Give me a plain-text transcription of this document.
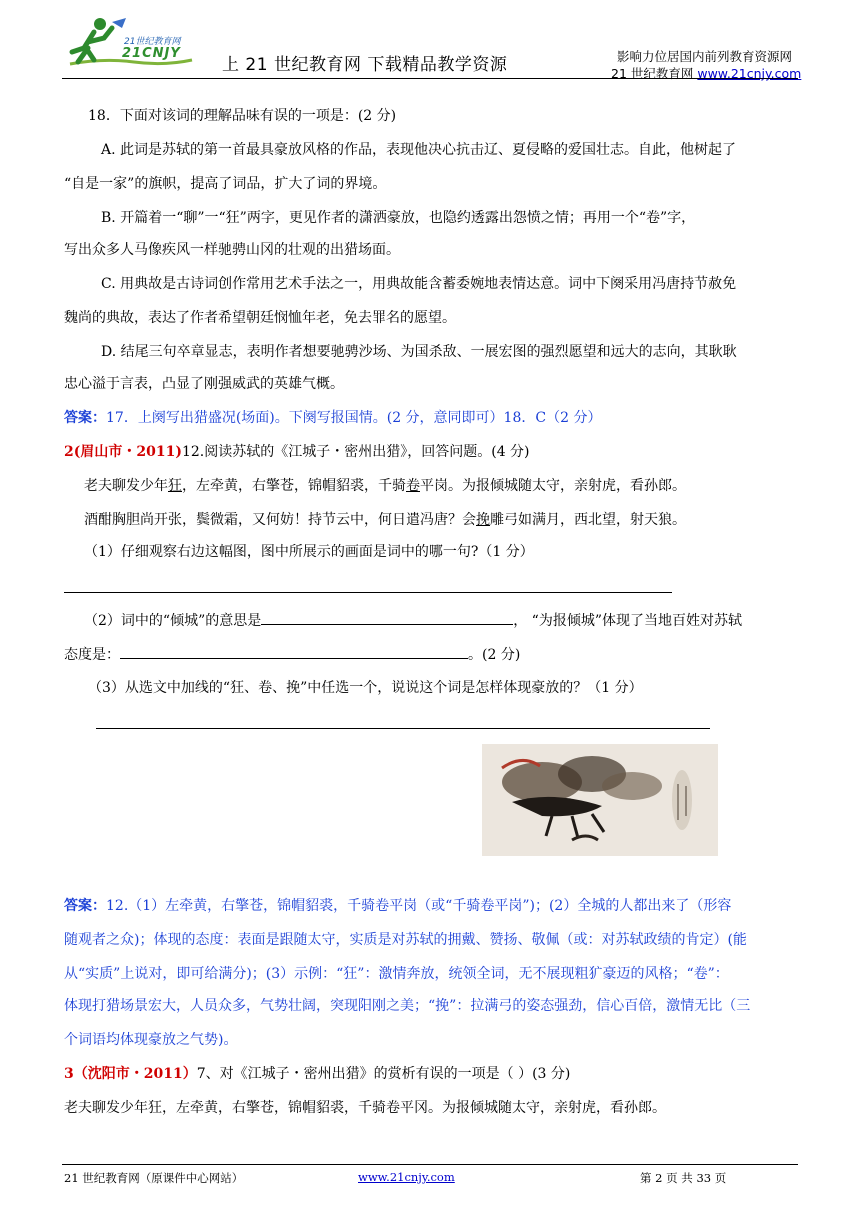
21世纪教育网
21CNJY
上 21 世纪教育网 下载精品教学资源	影响力位居国内前列教育资源网
21 世纪教育网 www.21cnjy.com
18．下面对该词的理解品味有误的一项是：(2 分)
A. 此词是苏轼的第一首最具豪放风格的作品，表现他决心抗击辽、夏侵略的爱国壮志。自此，他树起了
“自是一家”的旗帜，提高了词品，扩大了词的界境。
B. 开篇着一“聊”一“狂”两字，更见作者的潇洒豪放，也隐约透露出怨愤之情；再用一个“卷”字，
写出众多人马像疾风一样驰骋山冈的壮观的出猎场面。
C. 用典故是古诗词创作常用艺术手法之一，用典故能含蓄委婉地表情达意。词中下阕采用冯唐持节赦免
魏尚的典故，表达了作者希望朝廷悯恤年老，免去罪名的愿望。
D. 结尾三句卒章显志，表明作者想要驰骋沙场、为国杀敌、一展宏图的强烈愿望和远大的志向，其耿耿
忠心溢于言表，凸显了刚强威武的英雄气概。
答案：17．上阕写出猎盛况(场面)。下阕写报国情。(2 分，意同即可）18．C（2 分）
2(眉山市・2011)12.阅读苏轼的《江城子・密州出猎》，回答问题。(4 分)
老夫聊发少年狂，左牵黄，右擎苍，锦帽貂裘，千骑卷平岗。为报倾城随太守，亲射虎，看孙郎。
酒酣胸胆尚开张，鬓微霜，又何妨！持节云中，何日遣冯唐？会挽雕弓如满月，西北望，射天狼。
（1）仔细观察右边这幅图，图中所展示的画面是词中的哪一句?（1 分）
（2）词中的“倾城”的意思是	， “为报倾城”体现了当地百姓对苏轼
态度是：	。(2 分)
（3）从选文中加线的“狂、卷、挽”中任选一个，说说这个词是怎样体现豪放的？（1 分）
答案：12.（1）左牵黄，右擎苍，锦帽貂裘，千骑卷平岗（或“千骑卷平岗”)；(2）全城的人都出来了（形容
随观者之众)；体现的态度：表面是跟随太守，实质是对苏轼的拥戴、赞扬、敬佩（或：对苏轼政绩的肯定）(能
从“实质”上说对，即可给满分)；(3）示例：“狂”：激情奔放，统领全词，无不展现粗犷豪迈的风格；“卷”：
体现打猎场景宏大，人员众多，气势壮阔，突现阳刚之美；“挽”：拉满弓的姿态强劲，信心百倍，激情无比（三
个词语均体现豪放之气势)。
3（沈阳市・2011）7、对《江城子・密州出猎》的赏析有误的一项是（ ）(3 分)
老夫聊发少年狂，左牵黄，右擎苍，锦帽貂裘，千骑卷平冈。为报倾城随太守，亲射虎，看孙郎。
21 世纪教育网（原课件中心网站）	www.21cnjy.com	第 2 页 共 33 页
